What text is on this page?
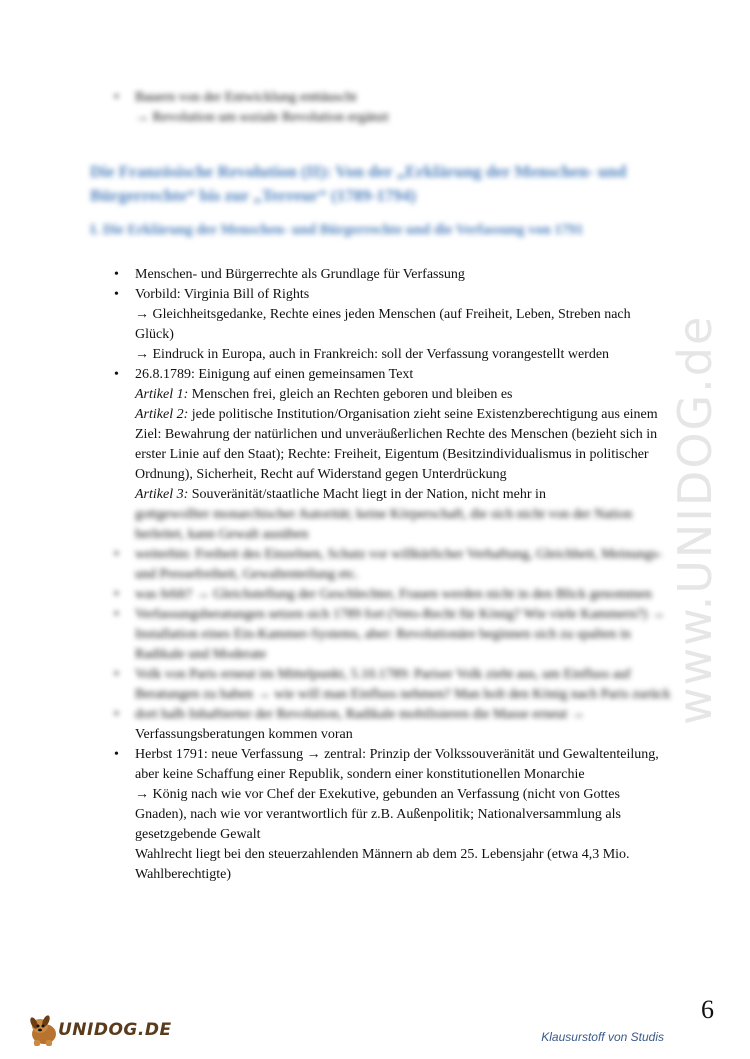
www.UNIDOG.de
•	Bauern von der Entwicklung enttäuscht
→ Revolution um soziale Revolution ergänzt
Die Französische Revolution (II): Von der „Erklärung der Menschen- und Bürgerrechte“ bis zur „Terreur“ (1789-1794)
I. Die Erklärung der Menschen- und Bürgerrechte und die Verfassung von 1791
•	Menschen- und Bürgerrechte als Grundlage für Verfassung
•	Vorbild: Virginia Bill of Rights
→ Gleichheitsgedanke, Rechte eines jeden Menschen (auf Freiheit, Leben, Streben nach Glück)
→ Eindruck in Europa, auch in Frankreich: soll der Verfassung vorangestellt werden
•	26.8.1789: Einigung auf einen gemeinsamen Text
Artikel 1: Menschen frei, gleich an Rechten geboren und bleiben es
Artikel 2: jede politische Institution/Organisation zieht seine Existenzberechtigung aus einem Ziel: Bewahrung der natürlichen und unveräußerlichen Rechte des Menschen (bezieht sich in erster Linie auf den Staat); Rechte: Freiheit, Eigentum (Besitzindividualismus in politischer Ordnung), Sicherheit, Recht auf Widerstand gegen Unterdrückung
Artikel 3: Souveränität/staatliche Macht liegt in der Nation, nicht mehr in
gottgewollter monarchischer Autorität; keine Körperschaft, die sich nicht von der Nation herleitet, kann Gewalt ausüben
•	weiterhin: Freiheit des Einzelnen, Schutz vor willkürlicher Verhaftung, Gleichheit, Meinungs- und Pressefreiheit, Gewaltenteilung etc.
•	was fehlt? → Gleichstellung der Geschlechter, Frauen werden nicht in den Blick genommen
•	Verfassungsberatungen setzen sich 1789 fort (Veto-Recht für König? Wie viele Kammern?) → Installation eines Ein-Kammer-Systems, aber: Revolutionäre beginnen sich zu spalten in Radikale und Moderate
•	Volk von Paris erneut im Mittelpunkt, 5.10.1789: Pariser Volk zieht aus, um Einfluss auf Beratungen zu haben → wie will man Einfluss nehmen? Man holt den König nach Paris zurück
•	dort halb Inhaftierter der Revolution, Radikale mobilisieren die Masse erneut →
Verfassungsberatungen kommen voran
•	Herbst 1791: neue Verfassung → zentral: Prinzip der Volkssouveränität und Gewaltenteilung, aber keine Schaffung einer Republik, sondern einer konstitutionellen Monarchie
→ König nach wie vor Chef der Exekutive, gebunden an Verfassung (nicht von Gottes Gnaden), nach wie vor verantwortlich für z.B. Außenpolitik; Nationalversammlung als gesetzgebende Gewalt
Wahlrecht liegt bei den steuerzahlenden Männern ab dem 25. Lebensjahr (etwa 4,3 Mio. Wahlberechtigte)
UNIDOG.DE
6
Klausurstoff von Studis
